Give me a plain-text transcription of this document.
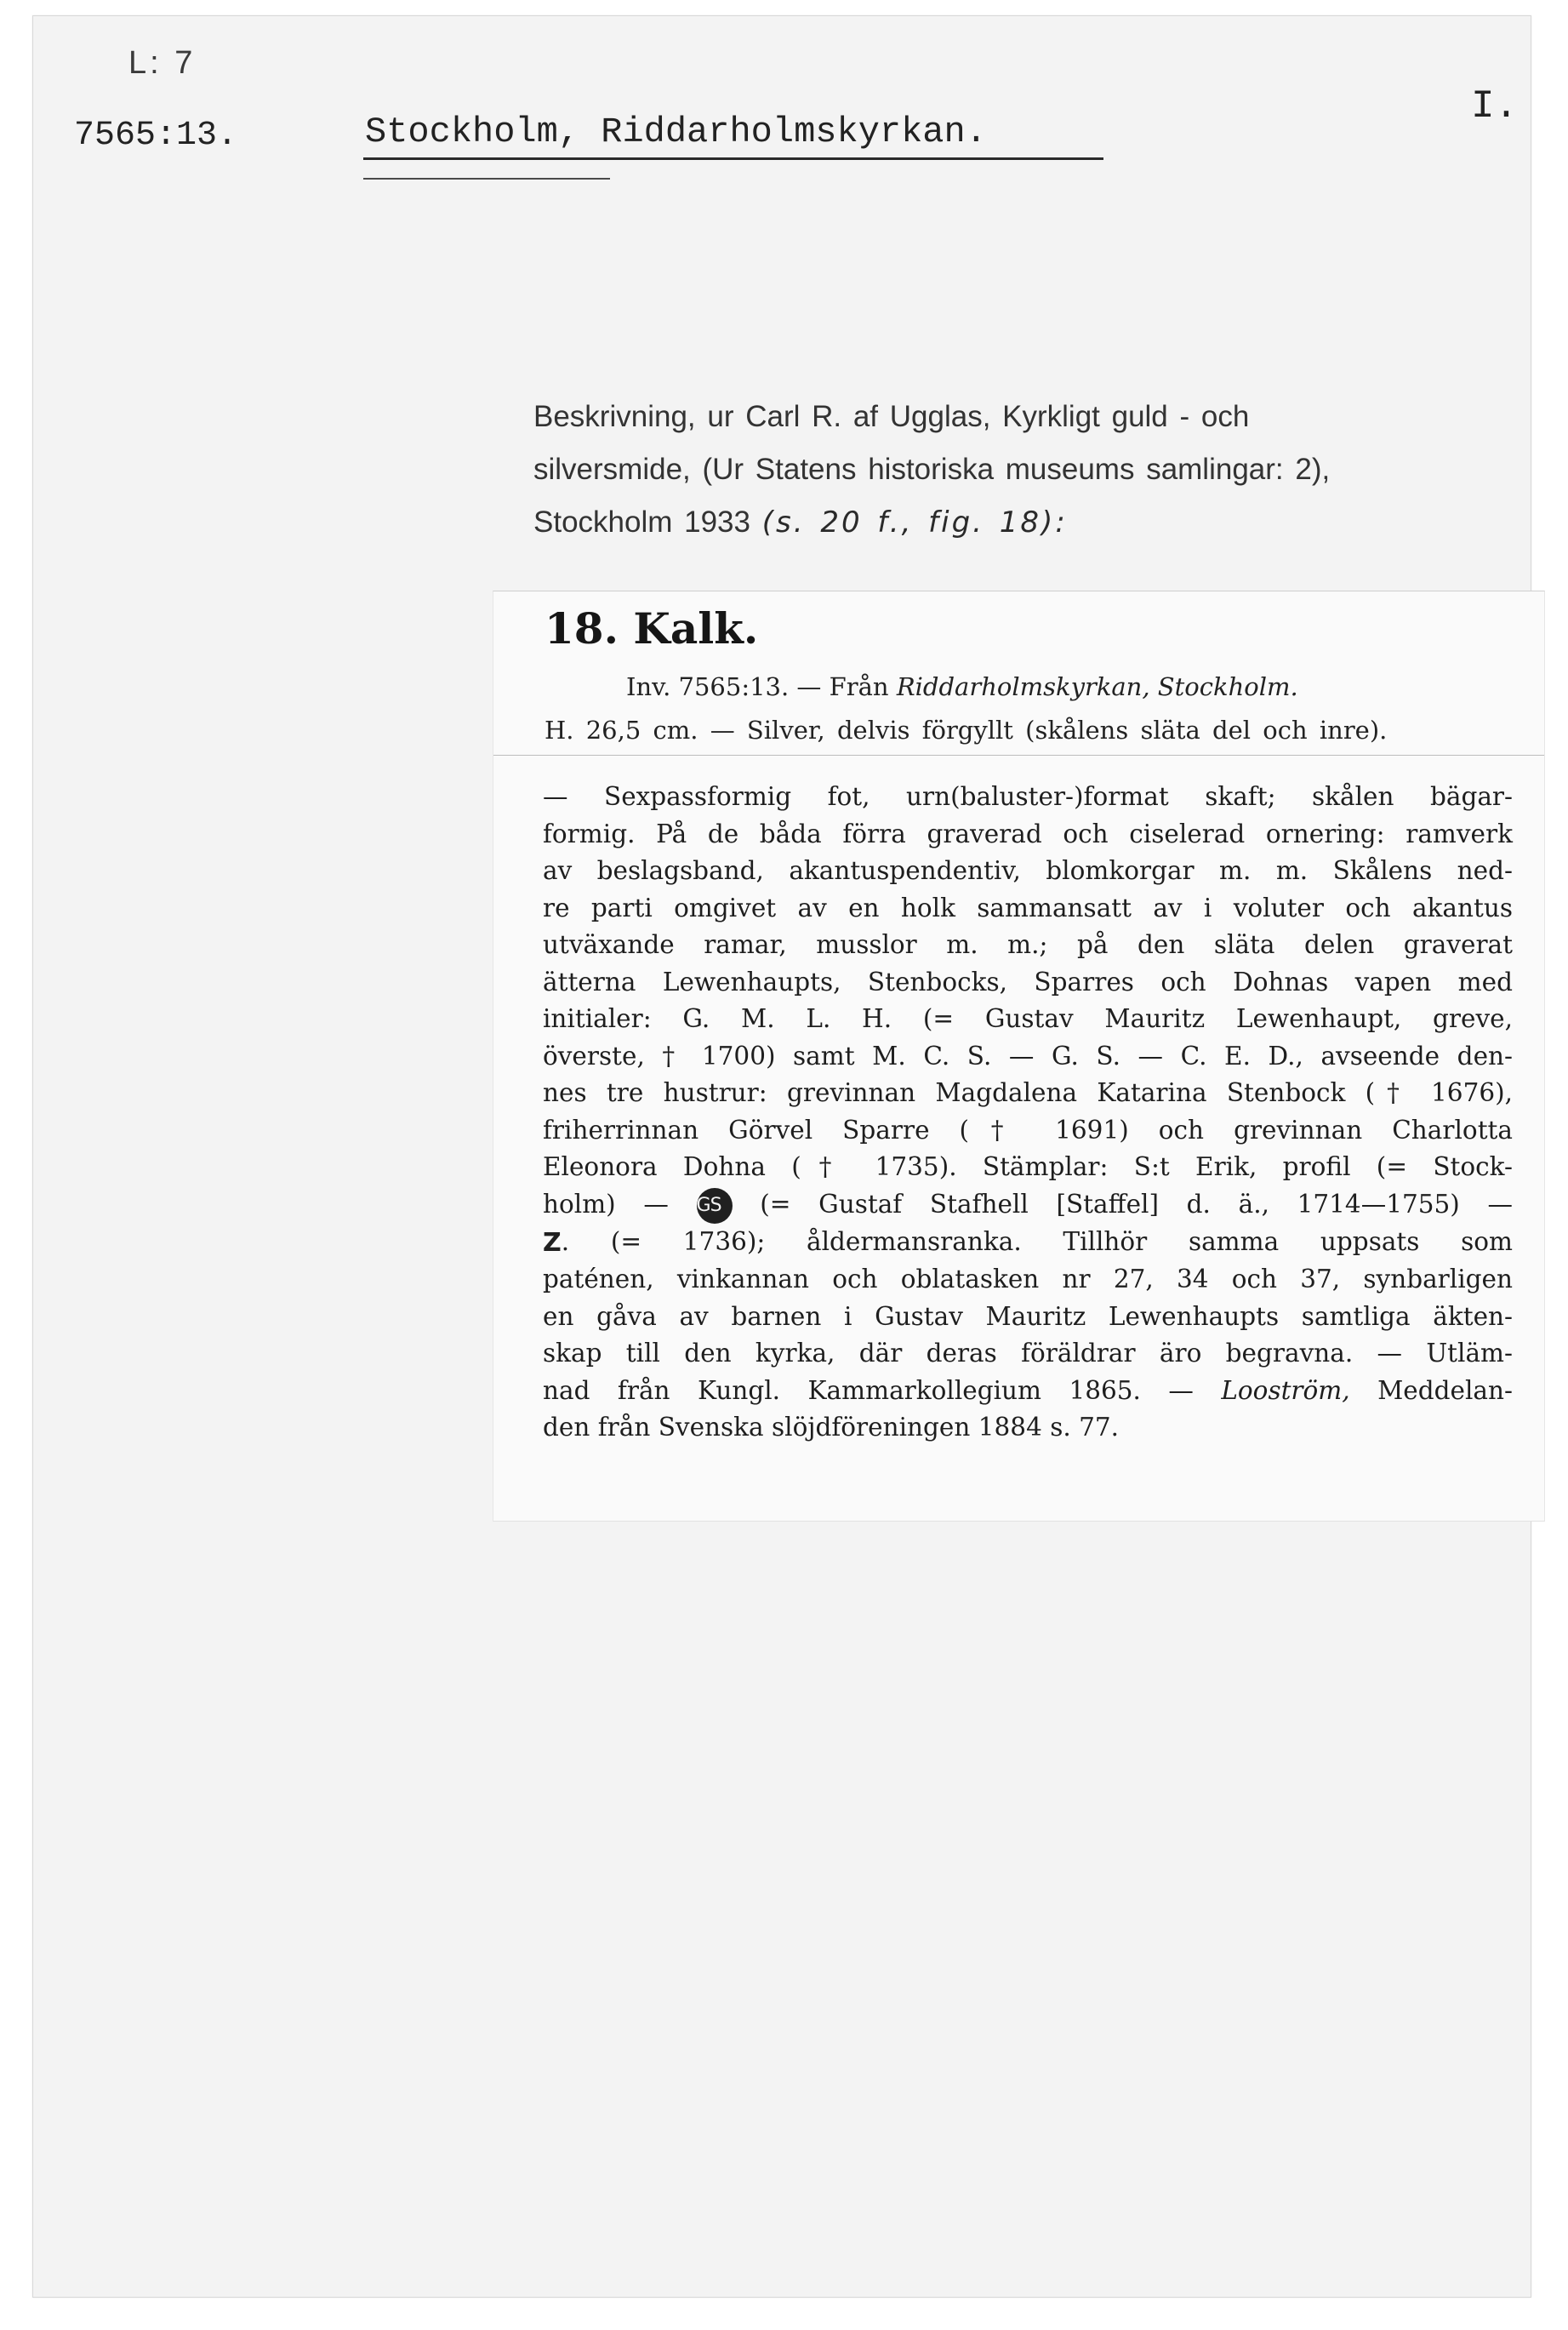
L: 7
7565:13.	Stockholm, Riddarholmskyrkan.
I.
Beskrivning, ur Carl R. af Ugglas, Kyrkligt guld - och
silversmide, (Ur Statens historiska museums samlingar: 2),
Stockholm 1933 (s. 20 f., fig. 18):
18. Kalk.
Inv. 7565:13. — Från Riddarholmskyrkan, Stockholm.
H. 26,5 cm. — Silver, delvis förgyllt (skålens släta del och inre).
— Sexpassformig fot, urn(baluster-)format skaft; skålen bägar-
formig. På de båda förra graverad och ciselerad ornering: ramverk
av beslagsband, akantuspendentiv, blomkorgar m. m. Skålens ned-
re parti omgivet av en holk sammansatt av i voluter och akantus
utväxande ramar, musslor m. m.; på den släta delen graverat
ätterna Lewenhaupts, Stenbocks, Sparres och Dohnas vapen med
initialer: G. M. L. H. (= Gustav Mauritz Lewenhaupt, greve,
överste, † 1700) samt M. C. S. — G. S. — C. E. D., avseende den-
nes tre hustrur: grevinnan Magdalena Katarina Stenbock († 1676),
friherrinnan Görvel Sparre († 1691) och grevinnan Charlotta
Eleonora Dohna († 1735). Stämplar: S:t Erik, profil (= Stock-
holm) — GS (= Gustaf Stafhell [Staffel] d. ä., 1714—1755) —
Z. (= 1736); åldermansranka. Tillhör samma uppsats som
paténen, vinkannan och oblatasken nr 27, 34 och 37, synbarligen
en gåva av barnen i Gustav Mauritz Lewenhaupts samtliga äkten-
skap till den kyrka, där deras föräldrar äro begravna. — Utläm-
nad från Kungl. Kammarkollegium 1865. — Looström, Meddelan-
den från Svenska slöjdföreningen 1884 s. 77.
